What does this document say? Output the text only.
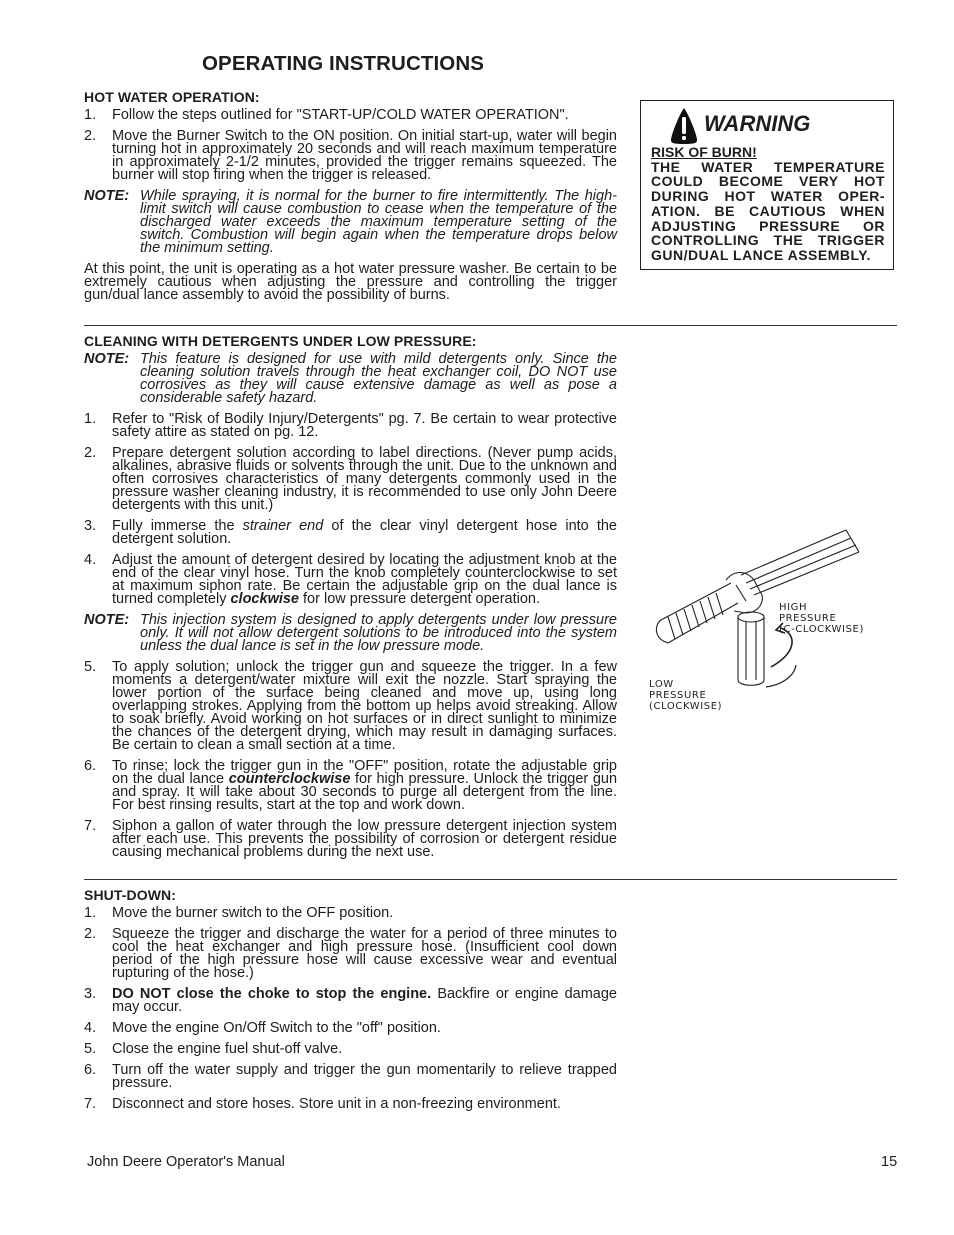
OPERATING INSTRUCTIONS
HOT WATER OPERATION:
1. Follow the steps outlined for "START-UP/COLD WATER OPERATION".
2. Move the Burner Switch to the ON position. On initial start-up, water will begin turning hot in approximately 20 seconds and will reach maximum temperature in approximately 2-1/2 minutes, provided the trigger remains squeezed. The burner will stop firing when the trigger is released.
NOTE: While spraying, it is normal for the burner to fire intermittently. The high-limit switch will cause combustion to cease when the temperature of the discharged water exceeds the maximum temperature setting of the switch. Combustion will begin again when the temperature drops below the minimum setting.
At this point, the unit is operating as a hot water pressure washer. Be certain to be extremely cautious when adjusting the pressure and controlling the trigger gun/dual lance assembly to avoid the possibility of burns.
WARNING
RISK OF BURN!
THE WATER TEMPERATURE COULD BECOME VERY HOT DURING HOT WATER OPER-ATION. BE CAUTIOUS WHEN ADJUSTING PRESSURE OR CONTROLLING THE TRIGGER GUN/DUAL LANCE ASSEMBLY.
CLEANING WITH DETERGENTS UNDER LOW PRESSURE:
NOTE: This feature is designed for use with mild detergents only. Since the cleaning solution travels through the heat exchanger coil, DO NOT use corrosives as they will cause extensive damage as well as pose a considerable safety hazard.
1. Refer to "Risk of Bodily Injury/Detergents" pg. 7. Be certain to wear protective safety attire as stated on pg. 12.
2. Prepare detergent solution according to label directions. (Never pump acids, alkalines, abrasive fluids or solvents through the unit. Due to the unknown and often corrosives characteristics of many detergents commonly used in the pressure washer cleaning industry, it is recommended to use only John Deere detergents with this unit.)
3. Fully immerse the strainer end of the clear vinyl detergent hose into the detergent solution.
4. Adjust the amount of detergent desired by locating the adjustment knob at the end of the clear vinyl hose. Turn the knob completely counterclockwise to set at maximum siphon rate. Be certain the adjustable grip on the dual lance is turned completely clockwise for low pressure detergent operation.
NOTE: This injection system is designed to apply detergents under low pressure only. It will not allow detergent solutions to be introduced into the system unless the dual lance is set in the low pressure mode.
5. To apply solution; unlock the trigger gun and squeeze the trigger. In a few moments a detergent/water mixture will exit the nozzle. Start spraying the lower portion of the surface being cleaned and move up, using long overlapping strokes. Applying from the bottom up helps avoid streaking. Allow to soak briefly. Avoid working on hot surfaces or in direct sunlight to minimize the chances of the detergent drying, which may result in damaging surfaces. Be certain to clean a small section at a time.
6. To rinse; lock the trigger gun in the "OFF" position, rotate the adjustable grip on the dual lance counterclockwise for high pressure. Unlock the trigger gun and spray. It will take about 30 seconds to purge all detergent from the line. For best rinsing results, start at the top and work down.
7. Siphon a gallon of water through the low pressure detergent injection system after each use. This prevents the possibility of corrosion or detergent residue causing mechanical problems during the next use.
HIGH
PRESSURE
(C-CLOCKWISE)
LOW
PRESSURE
(CLOCKWISE)
SHUT-DOWN:
1. Move the burner switch to the OFF position.
2. Squeeze the trigger and discharge the water for a period of three minutes to cool the heat exchanger and high pressure hose. (Insufficient cool down period of the high pressure hose will cause excessive wear and eventual rupturing of the hose.)
3. DO NOT close the choke to stop the engine. Backfire or engine damage may occur.
4. Move the engine On/Off Switch to the "off" position.
5. Close the engine fuel shut-off valve.
6. Turn off the water supply and trigger the gun momentarily to relieve trapped pressure.
7. Disconnect and store hoses. Store unit in a non-freezing environment.
John Deere Operator's Manual	15
